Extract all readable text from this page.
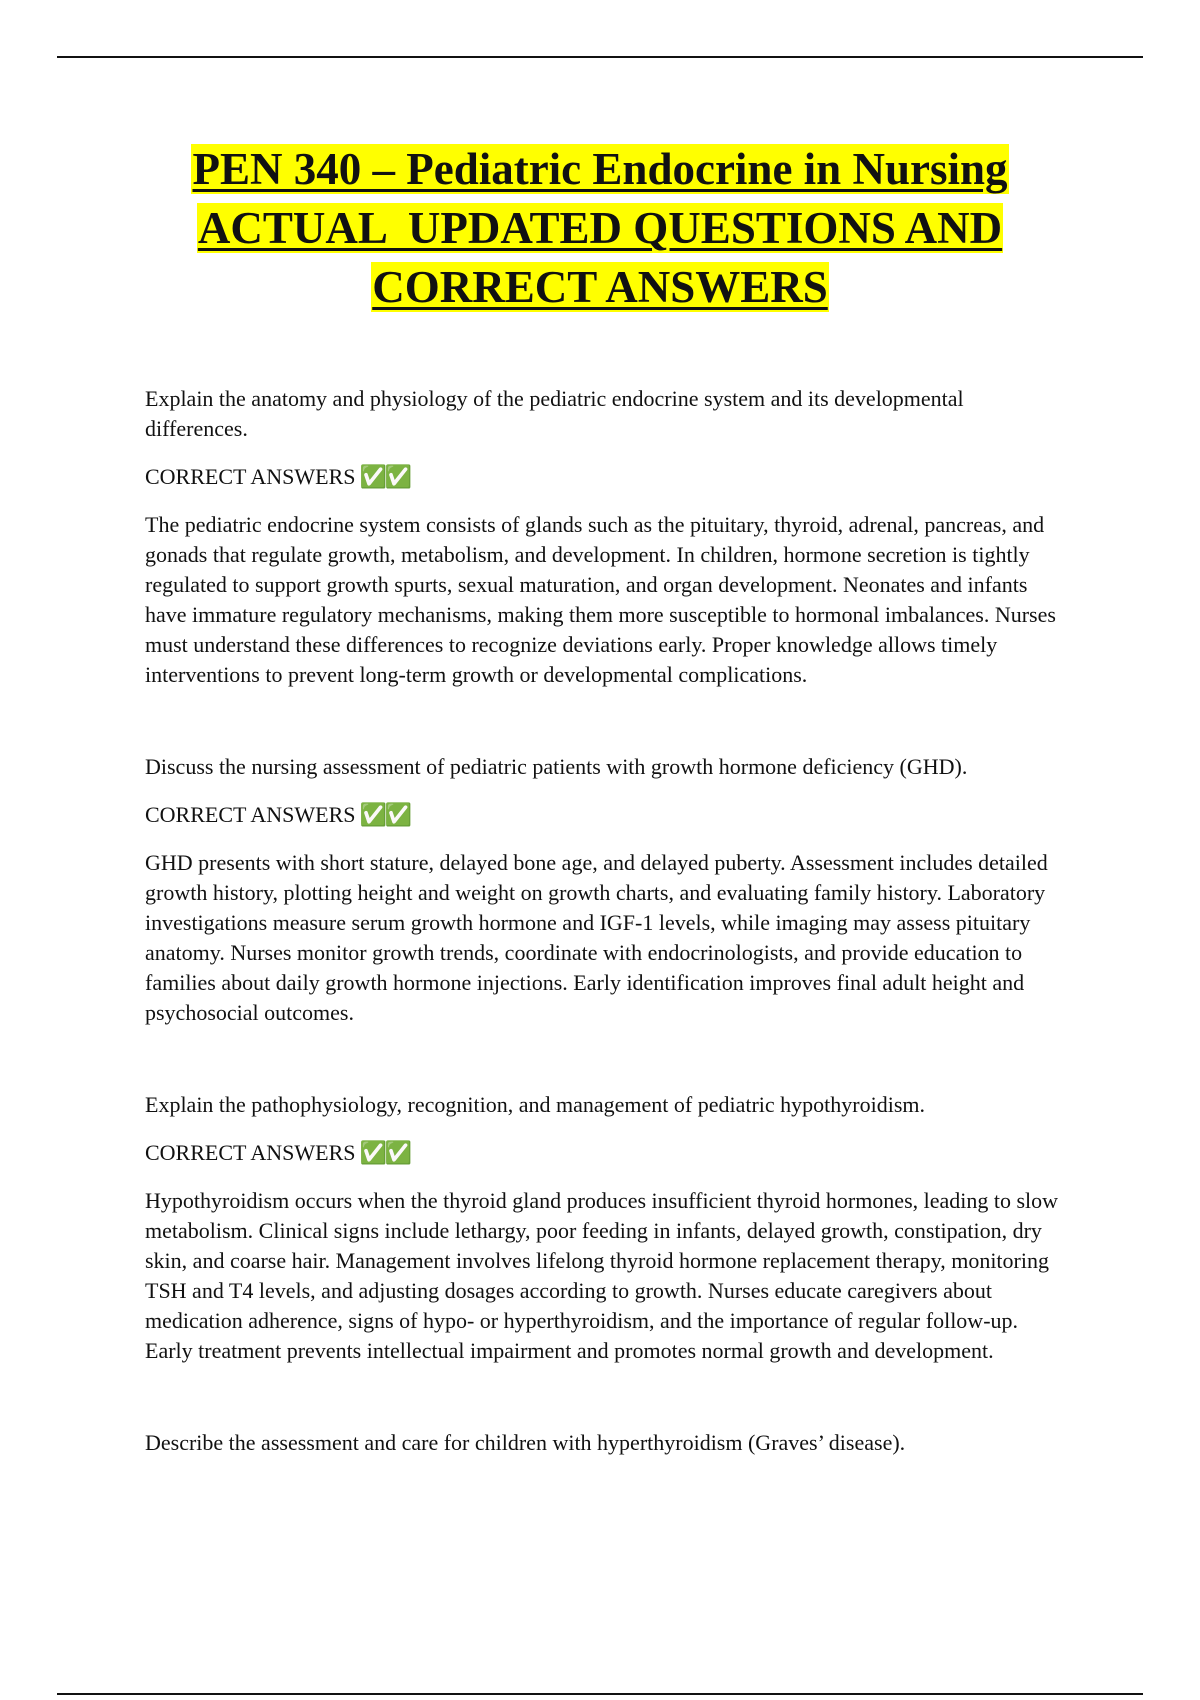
PEN 340 – Pediatric Endocrine in Nursing
ACTUAL  UPDATED QUESTIONS AND
CORRECT ANSWERS

Explain the anatomy and physiology of the pediatric endocrine system and its developmental differences.

CORRECT ANSWERS ✅✅

The pediatric endocrine system consists of glands such as the pituitary, thyroid, adrenal, pancreas, and gonads that regulate growth, metabolism, and development. In children, hormone secretion is tightly regulated to support growth spurts, sexual maturation, and organ development. Neonates and infants have immature regulatory mechanisms, making them more susceptible to hormonal imbalances. Nurses must understand these differences to recognize deviations early. Proper knowledge allows timely interventions to prevent long-term growth or developmental complications.

Discuss the nursing assessment of pediatric patients with growth hormone deficiency (GHD).

CORRECT ANSWERS ✅✅

GHD presents with short stature, delayed bone age, and delayed puberty. Assessment includes detailed growth history, plotting height and weight on growth charts, and evaluating family history. Laboratory investigations measure serum growth hormone and IGF-1 levels, while imaging may assess pituitary anatomy. Nurses monitor growth trends, coordinate with endocrinologists, and provide education to families about daily growth hormone injections. Early identification improves final adult height and psychosocial outcomes.

Explain the pathophysiology, recognition, and management of pediatric hypothyroidism.

CORRECT ANSWERS ✅✅

Hypothyroidism occurs when the thyroid gland produces insufficient thyroid hormones, leading to slow metabolism. Clinical signs include lethargy, poor feeding in infants, delayed growth, constipation, dry skin, and coarse hair. Management involves lifelong thyroid hormone replacement therapy, monitoring TSH and T4 levels, and adjusting dosages according to growth. Nurses educate caregivers about medication adherence, signs of hypo- or hyperthyroidism, and the importance of regular follow-up. Early treatment prevents intellectual impairment and promotes normal growth and development.

Describe the assessment and care for children with hyperthyroidism (Graves’ disease).
